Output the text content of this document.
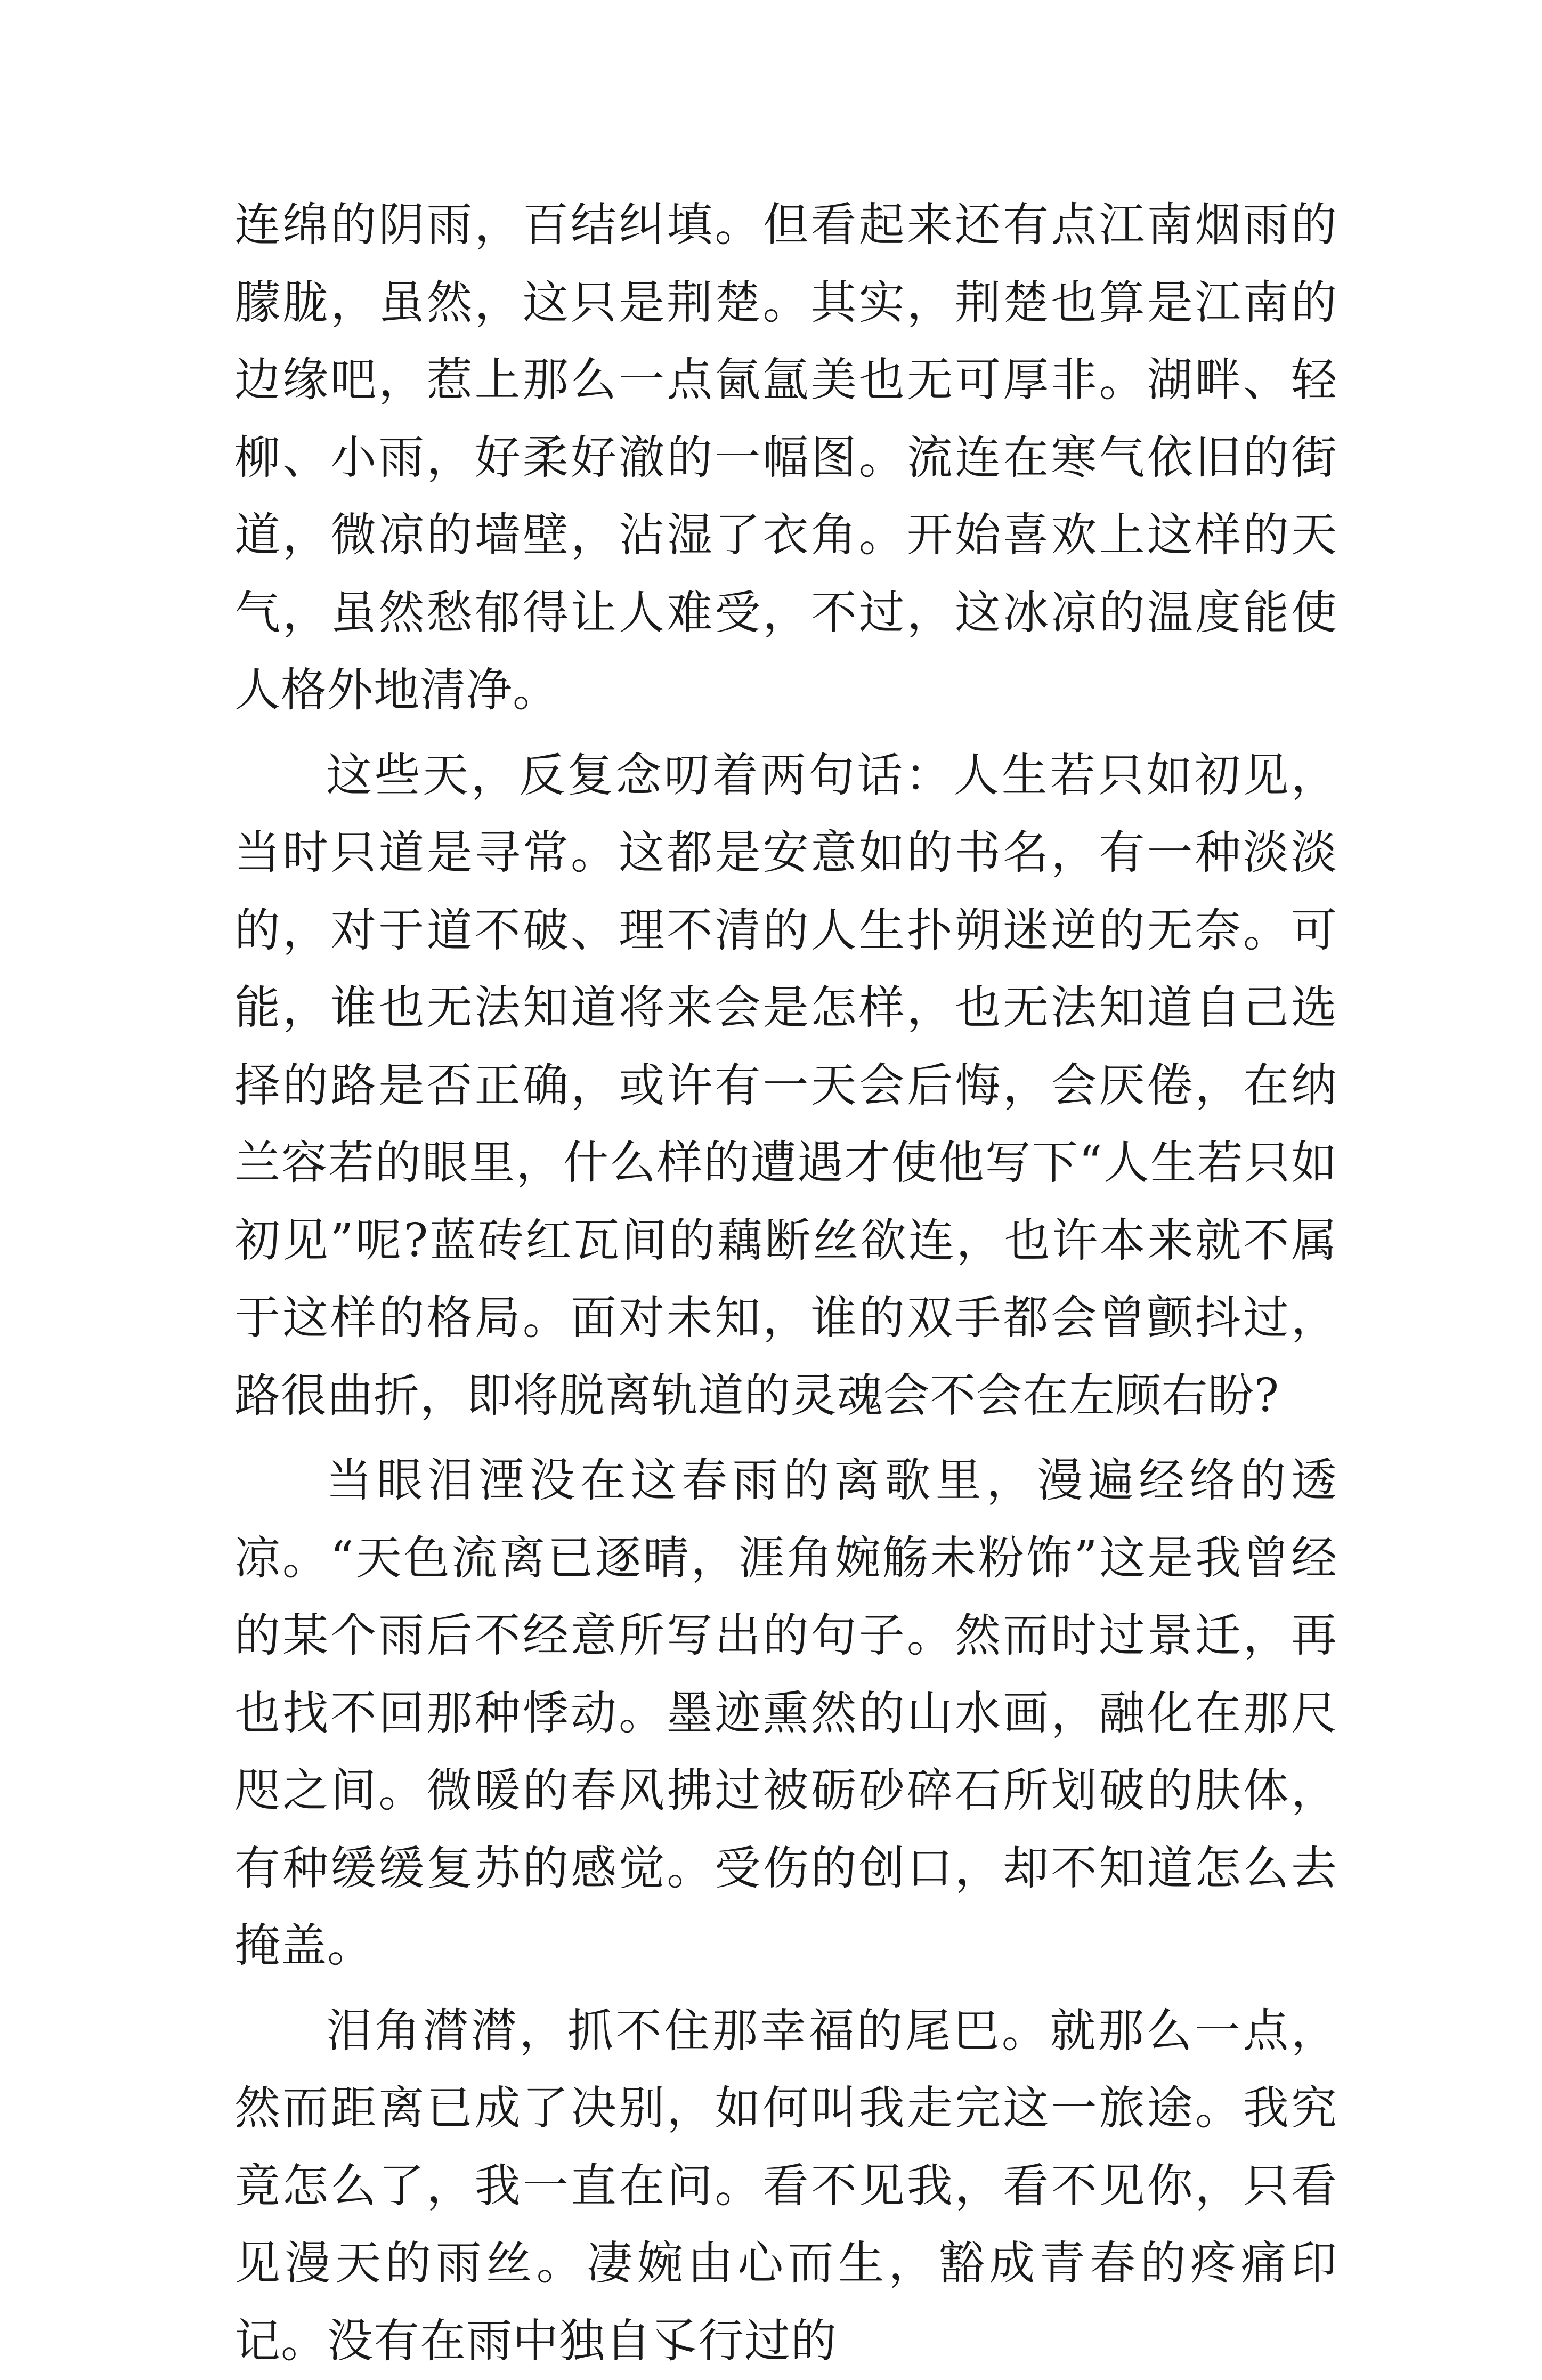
连绵的阴雨，百结纠填。但看起来还有点江南烟雨的朦胧，虽然，这只是荆楚。其实，荆楚也算是江南的边缘吧，惹上那么一点氤氲美也无可厚非。湖畔、轻柳、小雨，好柔好澈的一幅图。流连在寒气依旧的街道，微凉的墙壁，沾湿了衣角。开始喜欢上这样的天气，虽然愁郁得让人难受，不过，这冰凉的温度能使人格外地清净。

这些天，反复念叨着两句话：人生若只如初见，当时只道是寻常。这都是安意如的书名，有一种淡淡的，对于道不破、理不清的人生扑朔迷逆的无奈。可能，谁也无法知道将来会是怎样，也无法知道自己选择的路是否正确，或许有一天会后悔，会厌倦，在纳兰容若的眼里，什么样的遭遇才使他写下“人生若只如初见”呢?蓝砖红瓦间的藕断丝欲连，也许本来就不属于这样的格局。面对未知，谁的双手都会曾颤抖过，路很曲折，即将脱离轨道的灵魂会不会在左顾右盼?

当眼泪湮没在这春雨的离歌里，漫遍经络的透凉。“天色流离已逐晴，涯角婉觞未粉饰”这是我曾经的某个雨后不经意所写出的句子。然而时过景迁，再也找不回那种悸动。墨迹熏然的山水画，融化在那尺咫之间。微暖的春风拂过被砺砂碎石所划破的肤体，有种缓缓复苏的感觉。受伤的创口，却不知道怎么去掩盖。

泪角潸潸，抓不住那幸福的尾巴。就那么一点，然而距离已成了决别，如何叫我走完这一旅途。我究竟怎么了，我一直在问。看不见我，看不见你，只看见漫天的雨丝。凄婉由心而生，豁成青春的疼痛印记。没有在雨中独自孓行过的
